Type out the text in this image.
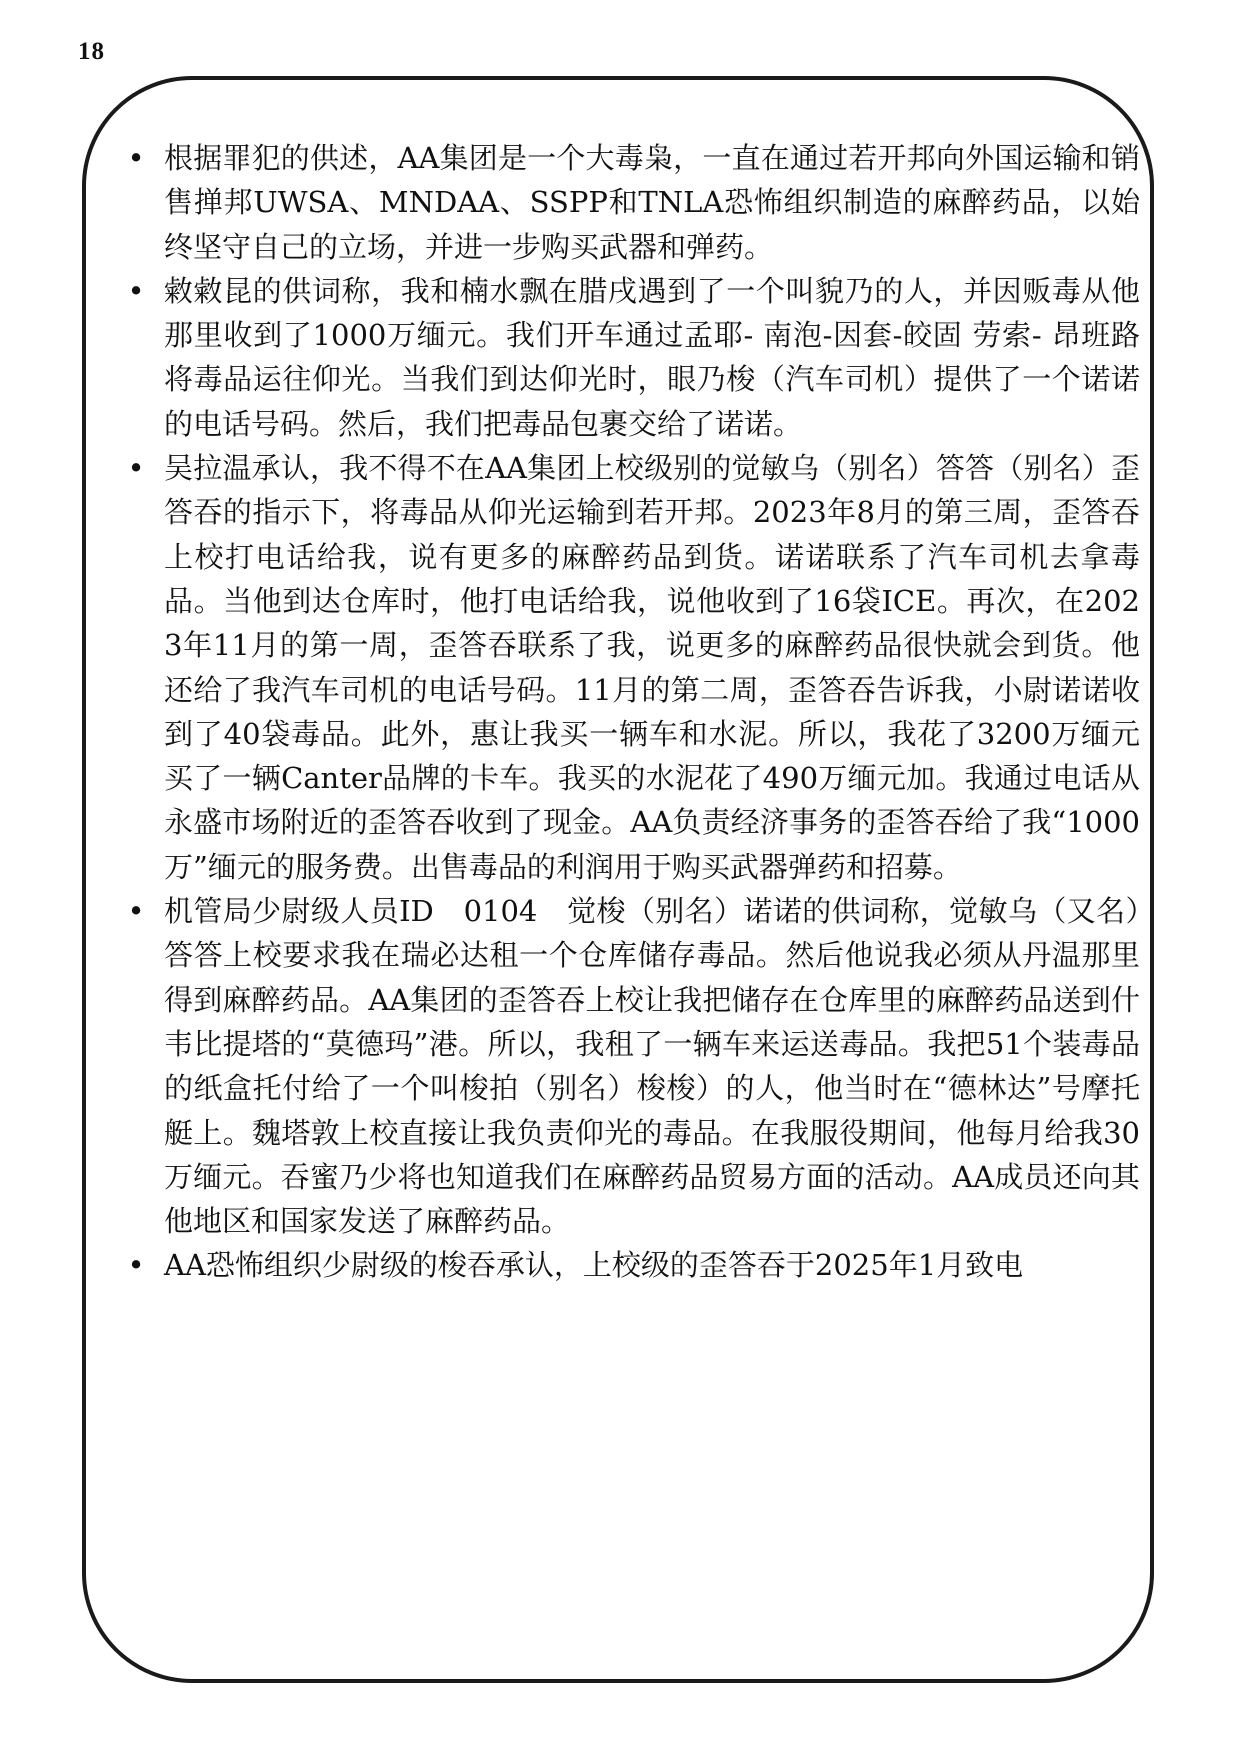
18
• 根据罪犯的供述，AA集团是一个大毒枭，一直在通过若开邦向外国运输和销售掸邦UWSA、MNDAA、SSPP和TNLA恐怖组织制造的麻醉药品，以始终坚守自己的立场，并进一步购买武器和弹药。
• 敹敹昆的供词称，我和楠水飘在腊戌遇到了一个叫貌乃的人，并因贩毒从他那里收到了1000万缅元。我们开车通过孟耶- 南泡-因套-皎固 劳索- 昂班路将毒品运往仰光。当我们到达仰光时，眼乃梭（汽车司机）提供了一个诺诺的电话号码。然后，我们把毒品包裹交给了诺诺。
• 吴拉温承认，我不得不在AA集团上校级别的觉敏乌（别名）答答（别名）歪答吞的指示下，将毒品从仰光运输到若开邦。2023年8月的第三周，歪答吞上校打电话给我，说有更多的麻醉药品到货。诺诺联系了汽车司机去拿毒品。当他到达仓库时，他打电话给我，说他收到了16袋ICE。再次，在2023年11月的第一周，歪答吞联系了我，说更多的麻醉药品很快就会到货。他还给了我汽车司机的电话号码。11月的第二周，歪答吞告诉我，小尉诺诺收到了40袋毒品。此外，惠让我买一辆车和水泥。所以，我花了3200万缅元买了一辆Canter品牌的卡车。我买的水泥花了490万缅元加。我通过电话从永盛市场附近的歪答吞收到了现金。AA负责经济事务的歪答吞给了我“1000万”缅元的服务费。出售毒品的利润用于购买武器弹药和招募。
• 机管局少尉级人员ID　0104　觉梭（别名）诺诺的供词称，觉敏乌（又名）答答上校要求我在瑞必达租一个仓库储存毒品。然后他说我必须从丹温那里得到麻醉药品。AA集团的歪答吞上校让我把储存在仓库里的麻醉药品送到什韦比提塔的“莫德玛”港。所以，我租了一辆车来运送毒品。我把51个装毒品的纸盒托付给了一个叫梭拍（别名）梭梭）的人，他当时在“德林达”号摩托艇上。魏塔敦上校直接让我负责仰光的毒品。在我服役期间，他每月给我30万缅元。吞蜜乃少将也知道我们在麻醉药品贸易方面的活动。AA成员还向其他地区和国家发送了麻醉药品。
• AA恐怖组织少尉级的梭吞承认，上校级的歪答吞于2025年1月致电
